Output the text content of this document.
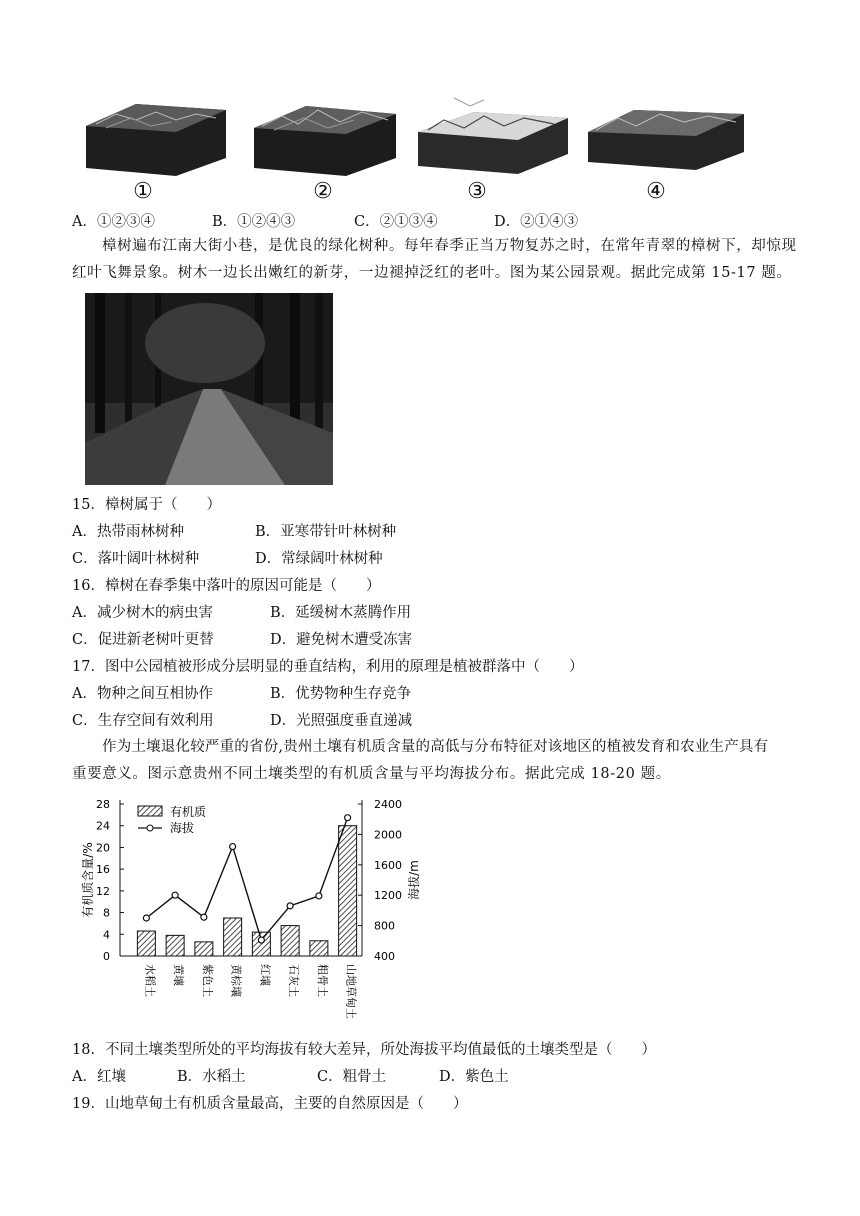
①	②	③	④
A．①②③④	B．①②④③	C．②①③④	D．②①④③
樟树遍布江南大街小巷，是优良的绿化树种。每年春季正当万物复苏之时，在常年青翠的樟树下，却惊现
红叶飞舞景象。树木一边长出嫩红的新芽，一边褪掉泛红的老叶。图为某公园景观。据此完成第 15-17 题。
15．樟树属于（　　）
A．热带雨林树种	B．亚寒带针叶林树种
C．落叶阔叶林树种	D．常绿阔叶林树种
16．樟树在春季集中落叶的原因可能是（　　）
A．减少树木的病虫害	B．延缓树木蒸腾作用
C．促进新老树叶更替	D．避免树木遭受冻害
17．图中公园植被形成分层明显的垂直结构，利用的原理是植被群落中（　　）
A．物种之间互相协作	B．优势物种生存竞争
C．生存空间有效利用	D．光照强度垂直递减
作为土壤退化较严重的省份,贵州土壤有机质含量的高低与分布特征对该地区的植被发育和农业生产具有
重要意义。图示意贵州不同土壤类型的有机质含量与平均海拔分布。据此完成 18-20 题。
0
4
8
12
16
20
24
28
400
800
1200
1600
2000
2400
有机质含量/%	海拔/m
水稻土 黄壤 紫色土 黄棕壤 红壤 石灰土 粗骨土 山地草甸土
有机质
海拔
18．不同土壤类型所处的平均海拔有较大差异，所处海拔平均值最低的土壤类型是（　　）
A．红壤	B．水稻土	C．粗骨土	D．紫色土
19．山地草甸土有机质含量最高，主要的自然原因是（　　）
